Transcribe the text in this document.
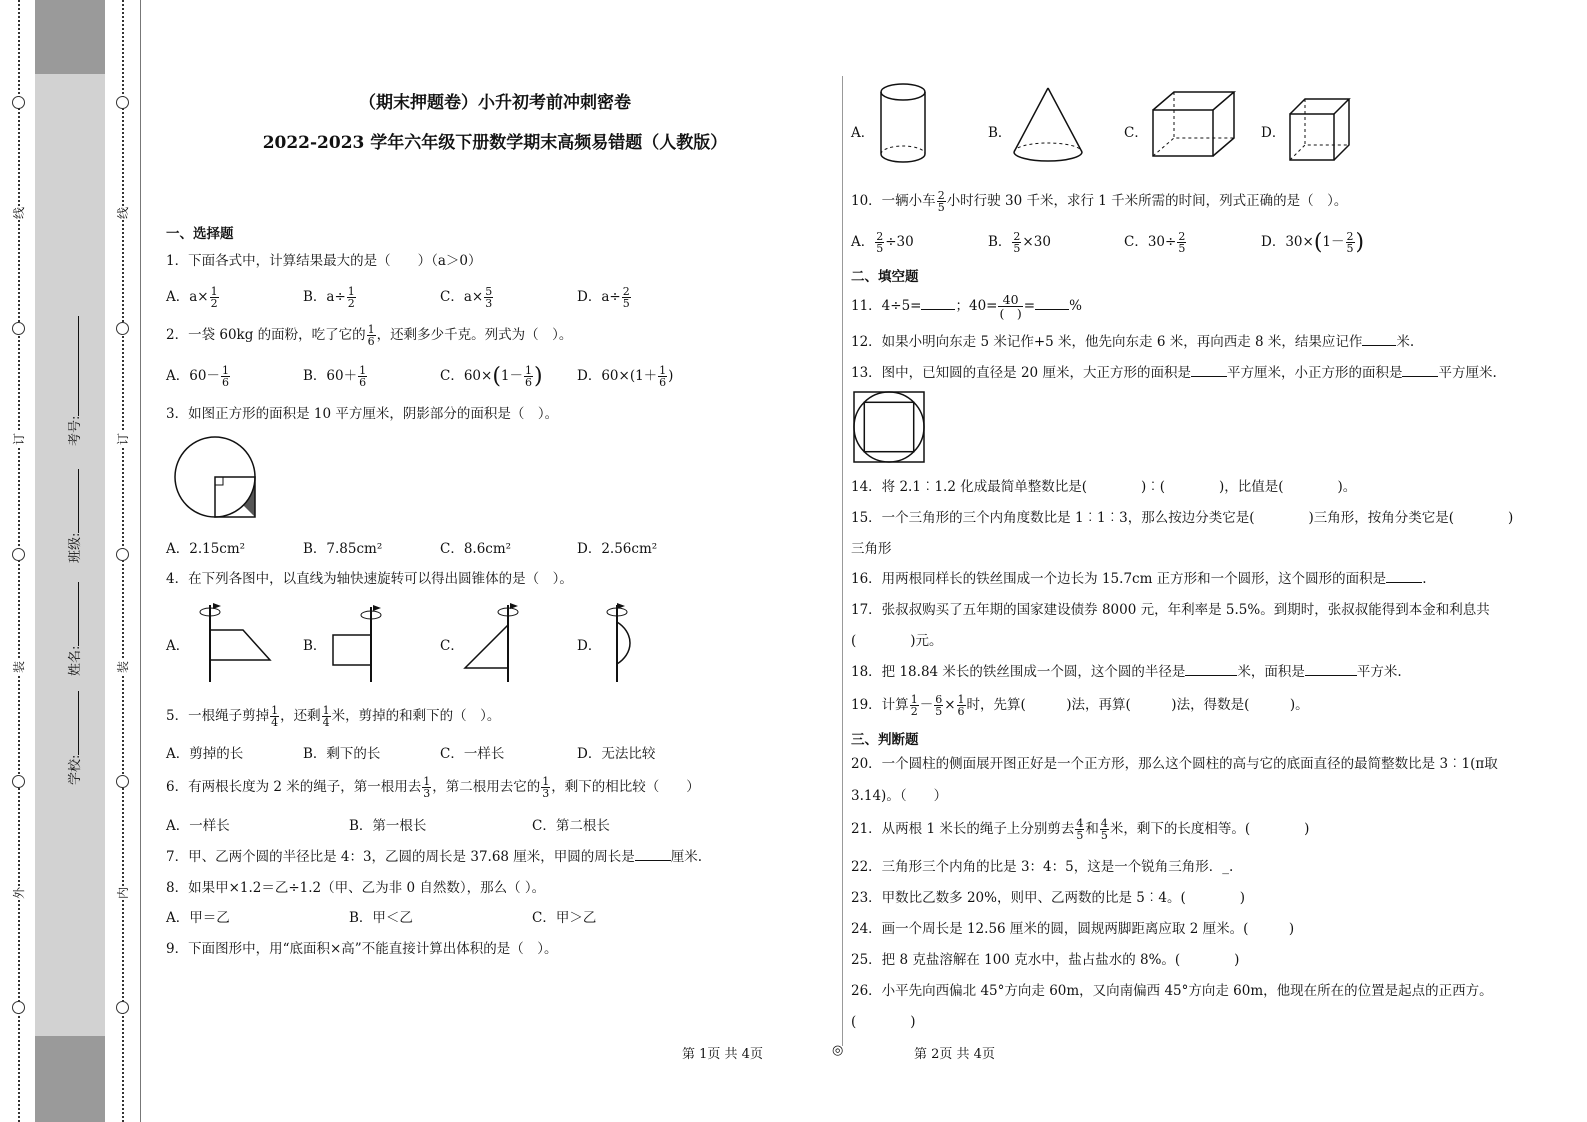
线
订
装
外
线
订
装
内
学校:
姓名:
班级:
考号:
（期末押题卷）小升初考前冲刺密卷
2022-2023 学年六年级下册数学期末高频易错题（人教版）
一、选择题
1．下面各式中，计算结果最大的是（　　）（a＞0）
A．$a\times \frac{1}{2}$	B．$a\div \frac{1}{2}$	C．$a\times \frac{5}{3}$	D．$a\div \frac{2}{5}$
2．一袋 60kg 的面粉，吃了它的 $\frac{1}{6}$ ，还剩多少千克。列式为（　）。
A．$60- \frac{1}{6}$	B．$60+ \frac{1}{6}$	C．$60\times(1- \frac{1}{6}$ )	D．$60\times(1+ \frac{1}{6}$ )
3．如图正方形的面积是 10 平方厘米，阴影部分的面积是（　）。
A．2.15cm²	B．7.85cm²	C．8.6cm²	D．2.56cm²
4．在下列各图中，以直线为轴快速旋转可以得出圆锥体的是（　）。
A．	B．	C．	D．
5．一根绳子剪掉 $\frac{1}{4}$ ，还剩 $\frac{1}{4}$ 米，剪掉的和剩下的（　）。
A．剪掉的长	B．剩下的长	C．一样长	D．无法比较
6．有两根长度为 2 米的绳子，第一根用去 $\frac{1}{3}$ ，第二根用去它的 $\frac{1}{3}$ ，剩下的相比较（　　）
A．一样长	B．第一根长	C．第二根长
7．甲、乙两个圆的半径比是 4：3，乙圆的周长是 37.68 厘米，甲圆的周长是	厘米.
8．如果甲×1.2＝乙÷1.2（甲、乙为非 0 自然数），那么（ ）。
A．甲＝乙	B．甲＜乙	C．甲＞乙
9．下面图形中，用“底面积×高”不能直接计算出体积的是（　）。
A．	B．	C．	D．
10．一辆小车 $\frac{2}{5}$ 小时行驶 30 千米，求行 1 千米所需的时间，列式正确的是（　）。
A． $\frac{2}{5} \div 30$	B． $\frac{2}{5} \times 30$	C．$30\div \frac{2}{5}$	D．$30\times(1- \frac{2}{5}$ )
二、填空题
11．4÷5=	；$40= \frac{40}{( )}$ =	%
12．如果小明向东走 5 米记作+5 米，他先向东走 6 米，再向西走 8 米，结果应记作	米.
13．图中，已知圆的直径是 20 厘米，大正方形的面积是	平方厘米，小正方形的面积是	平方厘米.
14．将 2.1︰1.2 化成最简单整数比是(　　　　)︰(　　　　)，比值是(　　　　)。
15．一个三角形的三个内角度数比是 1︰1︰3，那么按边分类它是(　　　　)三角形，按角分类它是(　　　　)
三角形
16．用两根同样长的铁丝围成一个边长为 15.7cm 正方形和一个圆形，这个圆形的面积是	.
17．张叔叔购买了五年期的国家建设债券 8000 元，年利率是 5.5%。到期时，张叔叔能得到本金和利息共
(　　　　)元。
18．把 18.84 米长的铁丝围成一个圆，这个圆的半径是	米，面积是	平方米.
19．计算 $\frac{1}{2} - \frac{6}{5} \times \frac{1}{6}$ 时，先算(　　　)法，再算(　　　)法，得数是(　　　)。
三、判断题
20．一个圆柱的侧面展开图正好是一个正方形，那么这个圆柱的高与它的底面直径的最简整数比是 3︰1(π取
3.14)。（　　）
21．从两根 1 米长的绳子上分别剪去 $\frac{4}{5}$ 和 $\frac{4}{5}$ 米，剩下的长度相等。(　　　　)
22．三角形三个内角的比是 3：4：5，这是一个锐角三角形．_.
23．甲数比乙数多 20%，则甲、乙两数的比是 5︰4。(　　　　)
24．画一个周长是 12.56 厘米的圆，圆规两脚距离应取 2 厘米。(　　　)
25．把 8 克盐溶解在 100 克水中，盐占盐水的 8%。(　　　　)
26．小平先向西偏北 45°方向走 60m，又向南偏西 45°方向走 60m，他现在所在的位置是起点的正西方。
(　　　　)
第 1页 共 4页	◎	第 2页 共 4页
